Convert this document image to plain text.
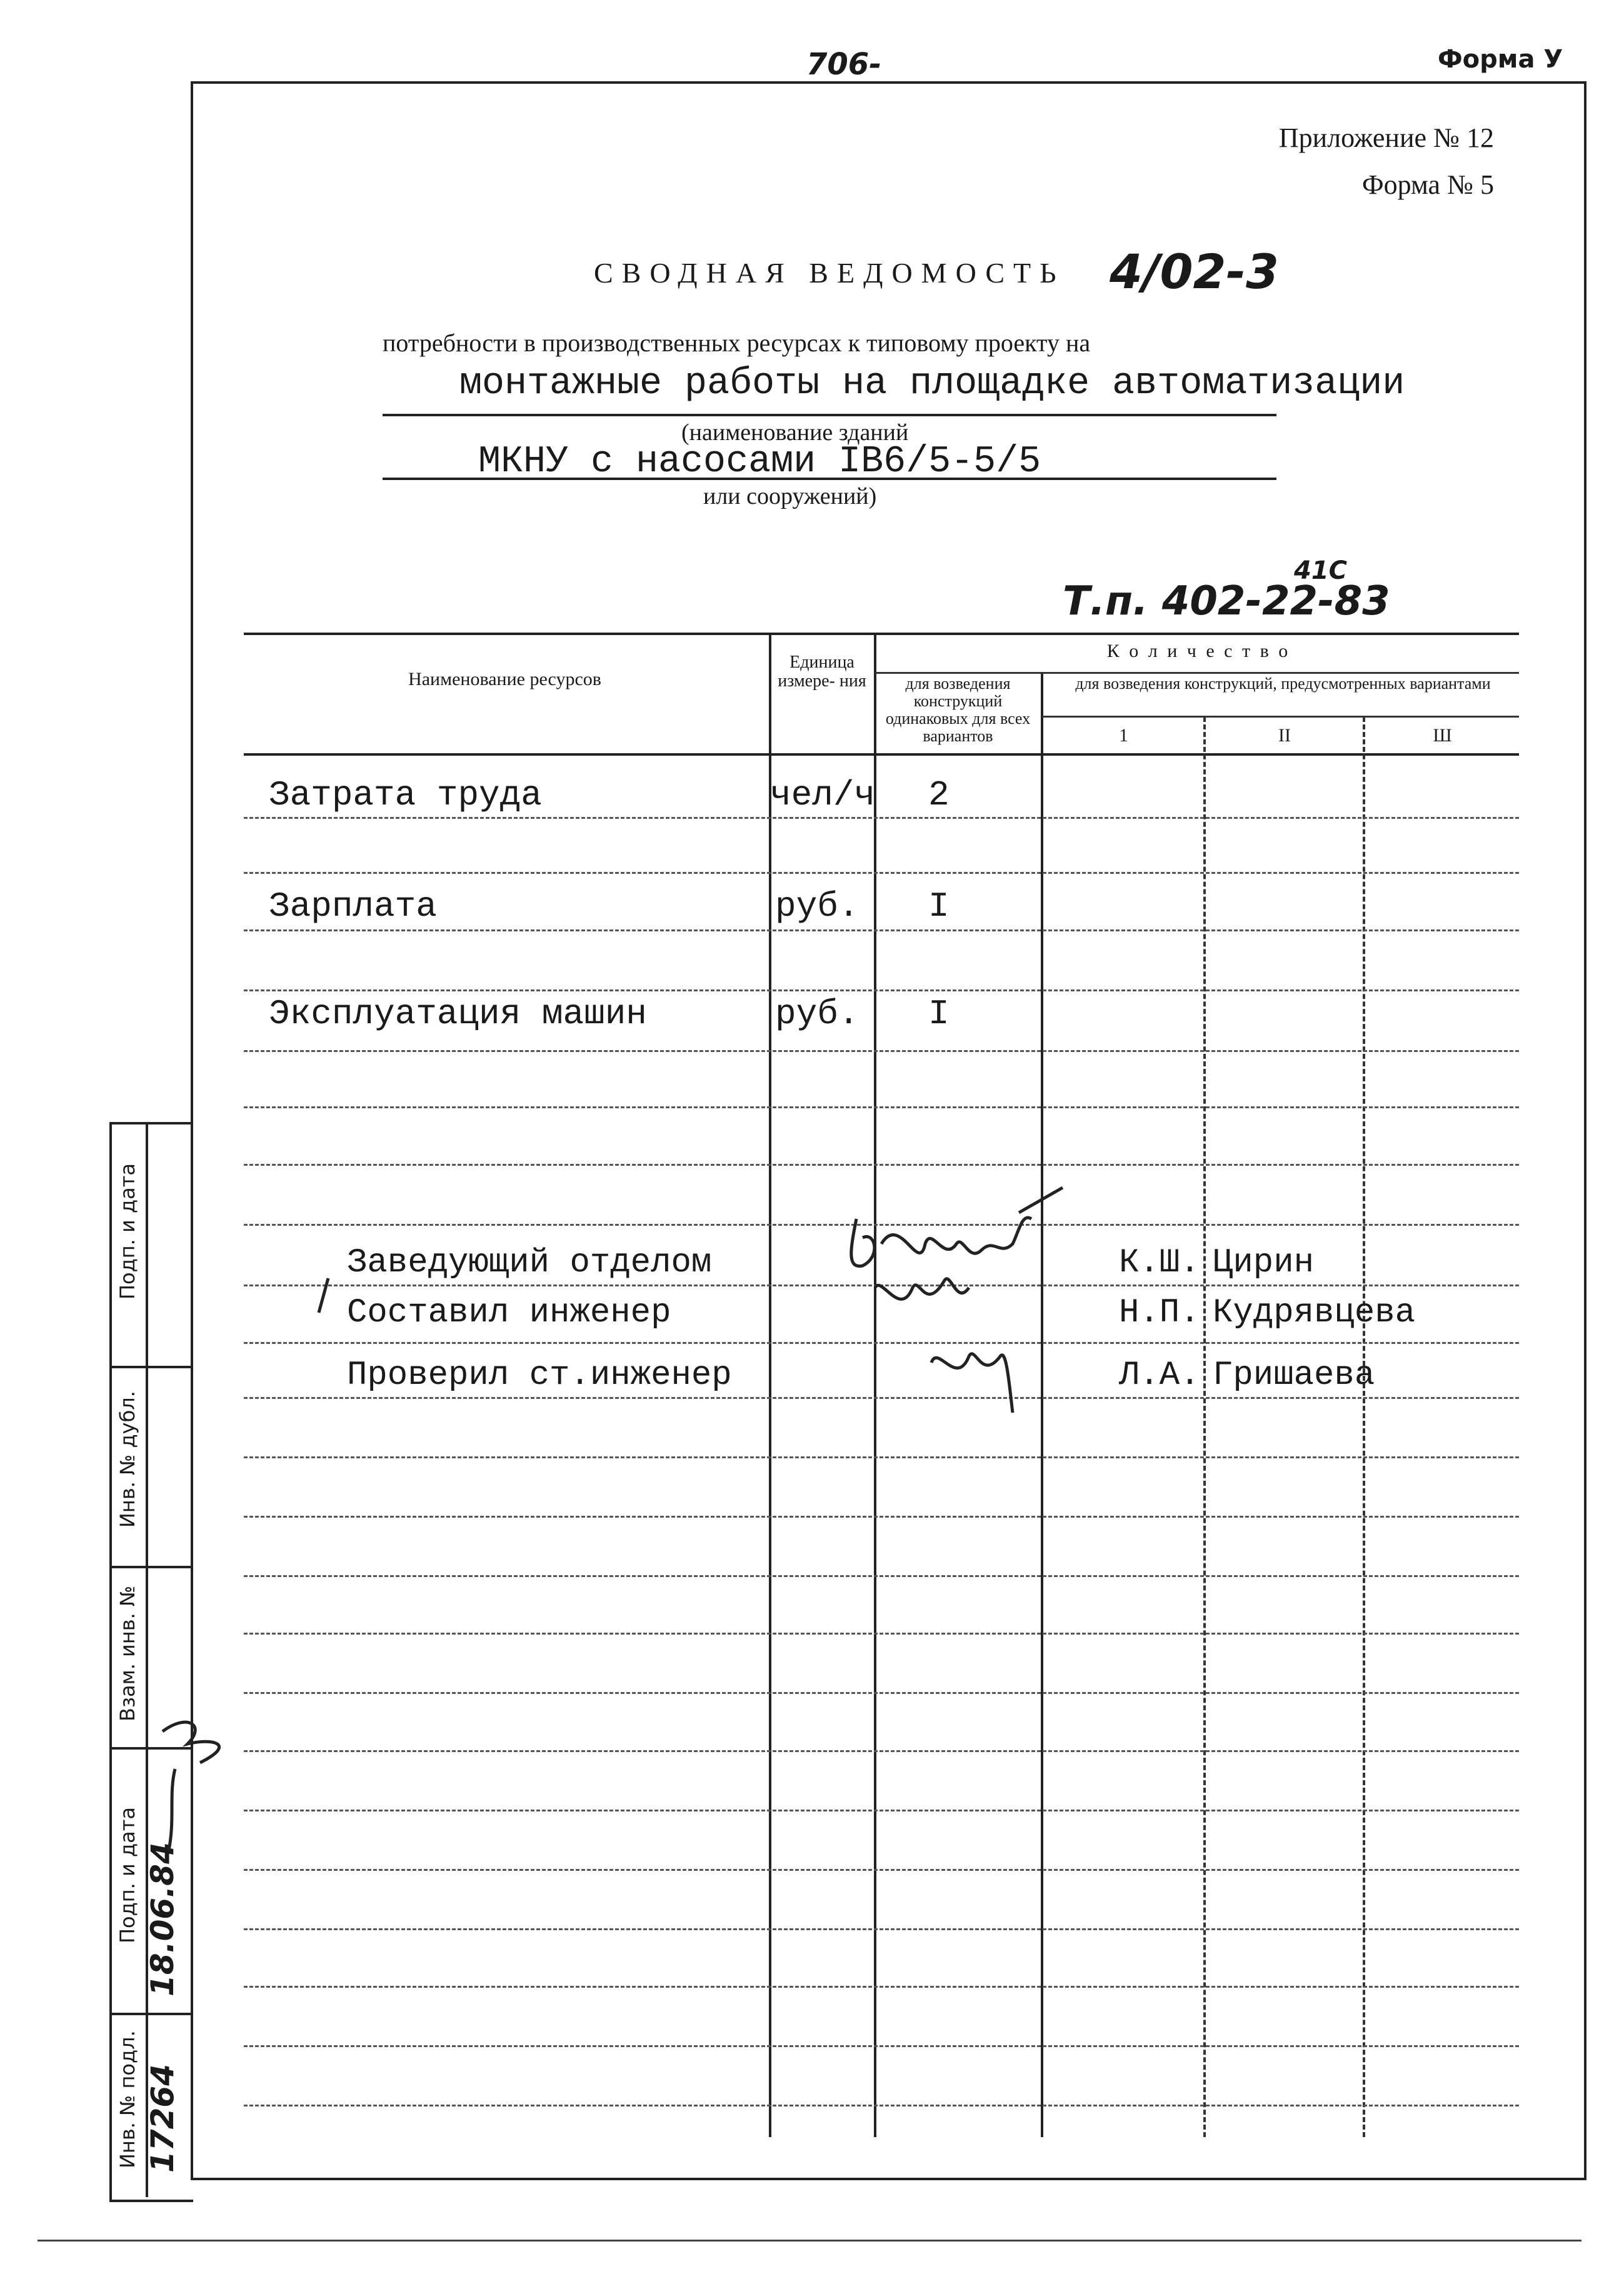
706-	Форма У
Приложение № 12
Форма № 5
СВОДНАЯ ВЕДОМОСТЬ 4/02-3
потребности в производственных ресурсах к типовому проекту на
монтажные работы на площадке автоматизации
(наименование зданий
МКНУ с насосами IВ6/5-5/5
или сооружений)
Т.п. 402-22-83
41С
Наименование ресурсов
Единица измере- ния
К о л и ч е с т в о
для возведения конструкций одинаковых для всех вариантов
для возведения конструкций, предусмотренных вариантами
1	II	Ш
Затрата труда	чел/ч 2
Зарплата	руб. I
Эксплуатация машин	руб. I
Заведующий отделом	К.Ш. Цирин
Составил инженер	Н.П. Кудрявцева
Проверил ст.инженер	Л.А. Гришаева
Подп. и дата
Инв. № дубл.
Взам. инв. №
Подп. и дата
Инв. № подл.
18.06.84
17264
